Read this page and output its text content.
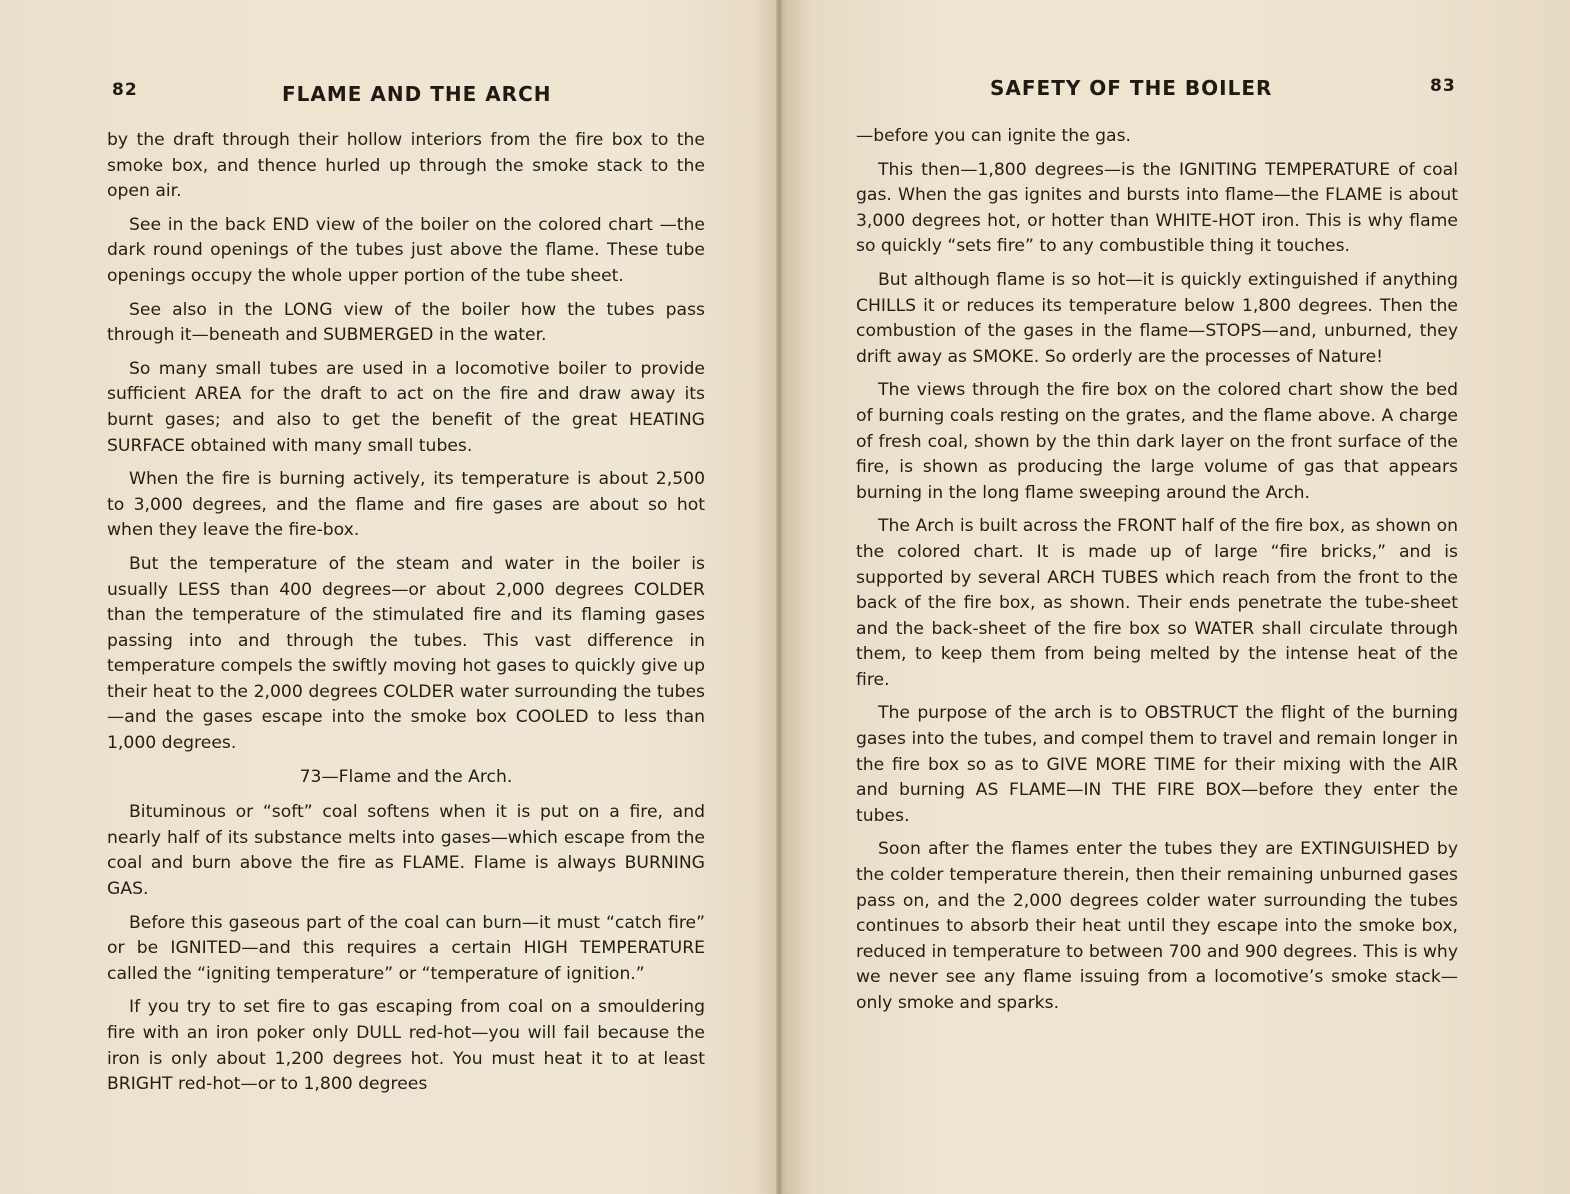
82	FLAME AND THE ARCH

by the draft through their hollow interiors from the fire box to the smoke box, and thence hurled up through the smoke stack to the open air.

See in the back END view of the boiler on the colored chart —the dark round openings of the tubes just above the flame. These tube openings occupy the whole upper portion of the tube sheet.

See also in the LONG view of the boiler how the tubes pass through it—beneath and SUBMERGED in the water.

So many small tubes are used in a locomotive boiler to provide sufficient AREA for the draft to act on the fire and draw away its burnt gases; and also to get the benefit of the great HEATING SURFACE obtained with many small tubes.

When the fire is burning actively, its temperature is about 2,500 to 3,000 degrees, and the flame and fire gases are about so hot when they leave the fire-box.

But the temperature of the steam and water in the boiler is usually LESS than 400 degrees—or about 2,000 degrees COLDER than the temperature of the stimulated fire and its flaming gases passing into and through the tubes. This vast difference in temperature compels the swiftly moving hot gases to quickly give up their heat to the 2,000 degrees COLDER water surrounding the tubes—and the gases escape into the smoke box COOLED to less than 1,000 degrees.

73—Flame and the Arch.

Bituminous or “soft” coal softens when it is put on a fire, and nearly half of its substance melts into gases—which escape from the coal and burn above the fire as FLAME. Flame is always BURNING GAS.

Before this gaseous part of the coal can burn—it must “catch fire” or be IGNITED—and this requires a certain HIGH TEMPERATURE called the “igniting temperature” or “temperature of ignition.”

If you try to set fire to gas escaping from coal on a smouldering fire with an iron poker only DULL red-hot—you will fail because the iron is only about 1,200 degrees hot. You must heat it to at least BRIGHT red-hot—or to 1,800 degrees

SAFETY OF THE BOILER	83

—before you can ignite the gas.

This then—1,800 degrees—is the IGNITING TEMPERATURE of coal gas. When the gas ignites and bursts into flame—the FLAME is about 3,000 degrees hot, or hotter than WHITE-HOT iron. This is why flame so quickly “sets fire” to any combustible thing it touches.

But although flame is so hot—it is quickly extinguished if anything CHILLS it or reduces its temperature below 1,800 degrees. Then the combustion of the gases in the flame—STOPS—and, unburned, they drift away as SMOKE. So orderly are the processes of Nature!

The views through the fire box on the colored chart show the bed of burning coals resting on the grates, and the flame above. A charge of fresh coal, shown by the thin dark layer on the front surface of the fire, is shown as producing the large volume of gas that appears burning in the long flame sweeping around the Arch.

The Arch is built across the FRONT half of the fire box, as shown on the colored chart. It is made up of large “fire bricks,” and is supported by several ARCH TUBES which reach from the front to the back of the fire box, as shown. Their ends penetrate the tube-sheet and the back-sheet of the fire box so WATER shall circulate through them, to keep them from being melted by the intense heat of the fire.

The purpose of the arch is to OBSTRUCT the flight of the burning gases into the tubes, and compel them to travel and remain longer in the fire box so as to GIVE MORE TIME for their mixing with the AIR and burning AS FLAME—IN THE FIRE BOX—before they enter the tubes.

Soon after the flames enter the tubes they are EXTINGUISHED by the colder temperature therein, then their remaining unburned gases pass on, and the 2,000 degrees colder water surrounding the tubes continues to absorb their heat until they escape into the smoke box, reduced in temperature to between 700 and 900 degrees. This is why we never see any flame issuing from a locomotive’s smoke stack—only smoke and sparks.
